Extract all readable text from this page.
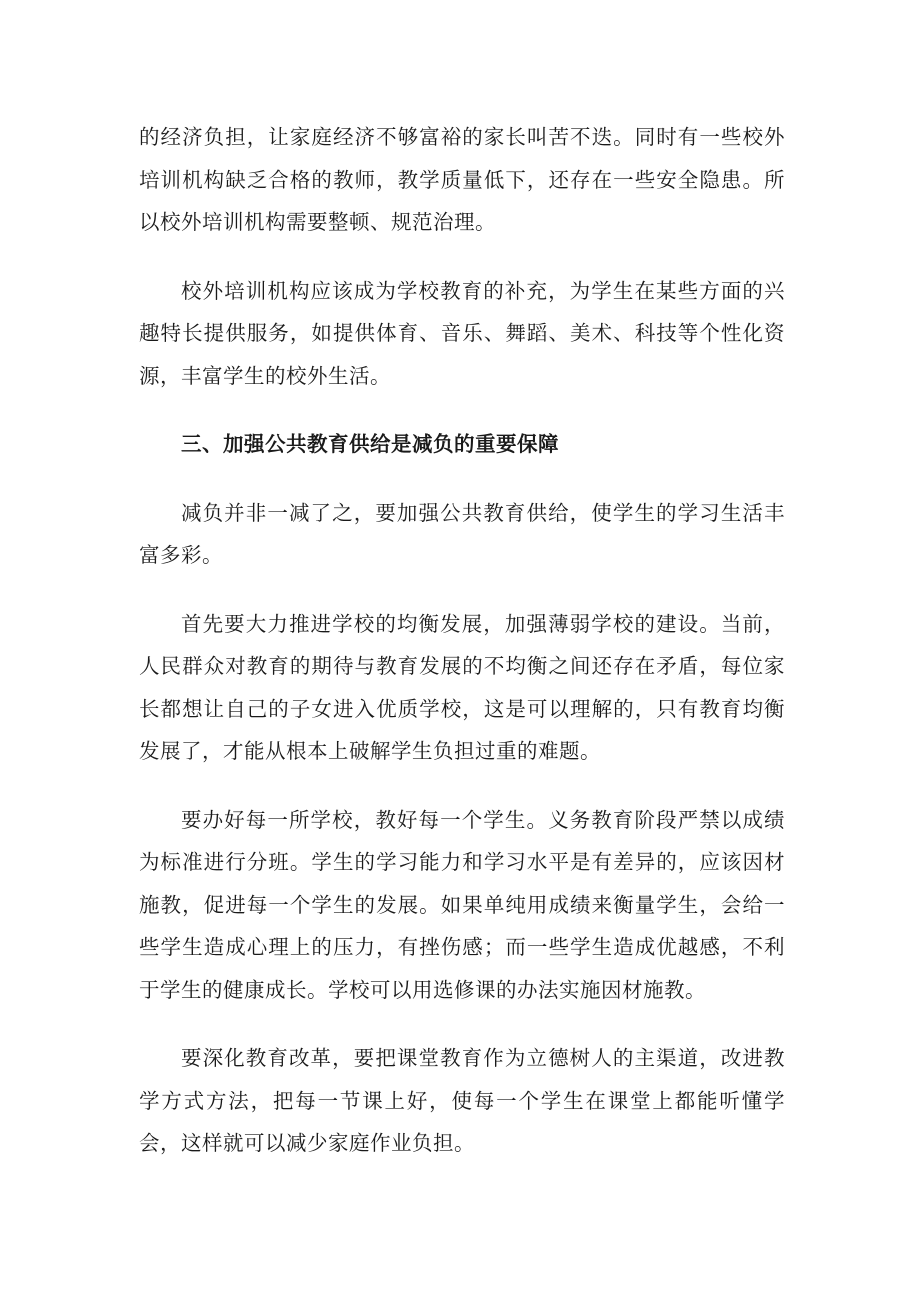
的经济负担，让家庭经济不够富裕的家长叫苦不迭。同时有一些校外培训机构缺乏合格的教师，教学质量低下，还存在一些安全隐患。所以校外培训机构需要整顿、规范治理。

校外培训机构应该成为学校教育的补充，为学生在某些方面的兴趣特长提供服务，如提供体育、音乐、舞蹈、美术、科技等个性化资源，丰富学生的校外生活。

三、加强公共教育供给是减负的重要保障

减负并非一减了之，要加强公共教育供给，使学生的学习生活丰富多彩。

首先要大力推进学校的均衡发展，加强薄弱学校的建设。当前，人民群众对教育的期待与教育发展的不均衡之间还存在矛盾，每位家长都想让自己的子女进入优质学校，这是可以理解的，只有教育均衡发展了，才能从根本上破解学生负担过重的难题。

要办好每一所学校，教好每一个学生。义务教育阶段严禁以成绩为标准进行分班。学生的学习能力和学习水平是有差异的，应该因材施教，促进每一个学生的发展。如果单纯用成绩来衡量学生，会给一些学生造成心理上的压力，有挫伤感；而一些学生造成优越感，不利于学生的健康成长。学校可以用选修课的办法实施因材施教。

要深化教育改革，要把课堂教育作为立德树人的主渠道，改进教学方式方法，把每一节课上好，使每一个学生在课堂上都能听懂学会，这样就可以减少家庭作业负担。
